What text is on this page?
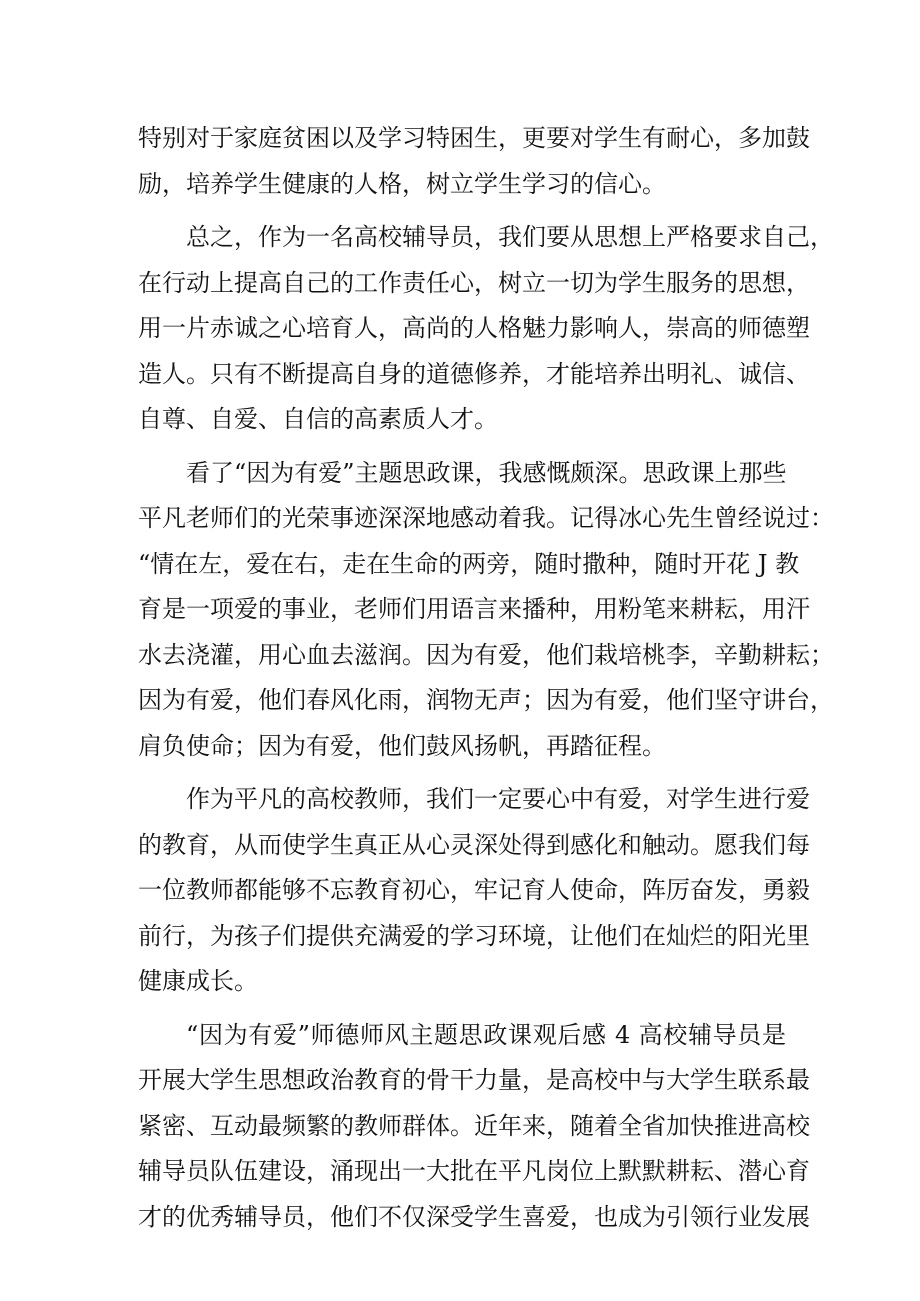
特别对于家庭贫困以及学习特困生，更要对学生有耐心，多加鼓
励，培养学生健康的人格，树立学生学习的信心。
总之，作为一名高校辅导员，我们要从思想上严格要求自己，
在行动上提高自己的工作责任心，树立一切为学生服务的思想，
用一片赤诚之心培育人，高尚的人格魅力影响人，崇高的师德塑
造人。只有不断提高自身的道德修养，才能培养出明礼、诚信、
自尊、自爱、自信的高素质人才。
看了“因为有爱”主题思政课，我感慨颇深。思政课上那些
平凡老师们的光荣事迹深深地感动着我。记得冰心先生曾经说过：
“情在左，爱在右，走在生命的两旁，随时撒种，随时开花 J 教
育是一项爱的事业，老师们用语言来播种，用粉笔来耕耘，用汗
水去浇灌，用心血去滋润。因为有爱，他们栽培桃李，辛勤耕耘；
因为有爱，他们春风化雨，润物无声；因为有爱，他们坚守讲台，
肩负使命；因为有爱，他们鼓风扬帆，再踏征程。
作为平凡的高校教师，我们一定要心中有爱，对学生进行爱
的教育，从而使学生真正从心灵深处得到感化和触动。愿我们每
一位教师都能够不忘教育初心，牢记育人使命，阵厉奋发，勇毅
前行，为孩子们提供充满爱的学习环境，让他们在灿烂的阳光里
健康成长。
“因为有爱”师德师风主题思政课观后感 4 高校辅导员是
开展大学生思想政治教育的骨干力量，是高校中与大学生联系最
紧密、互动最频繁的教师群体。近年来，随着全省加快推进高校
辅导员队伍建设，涌现出一大批在平凡岗位上默默耕耘、潜心育
才的优秀辅导员，他们不仅深受学生喜爱，也成为引领行业发展
